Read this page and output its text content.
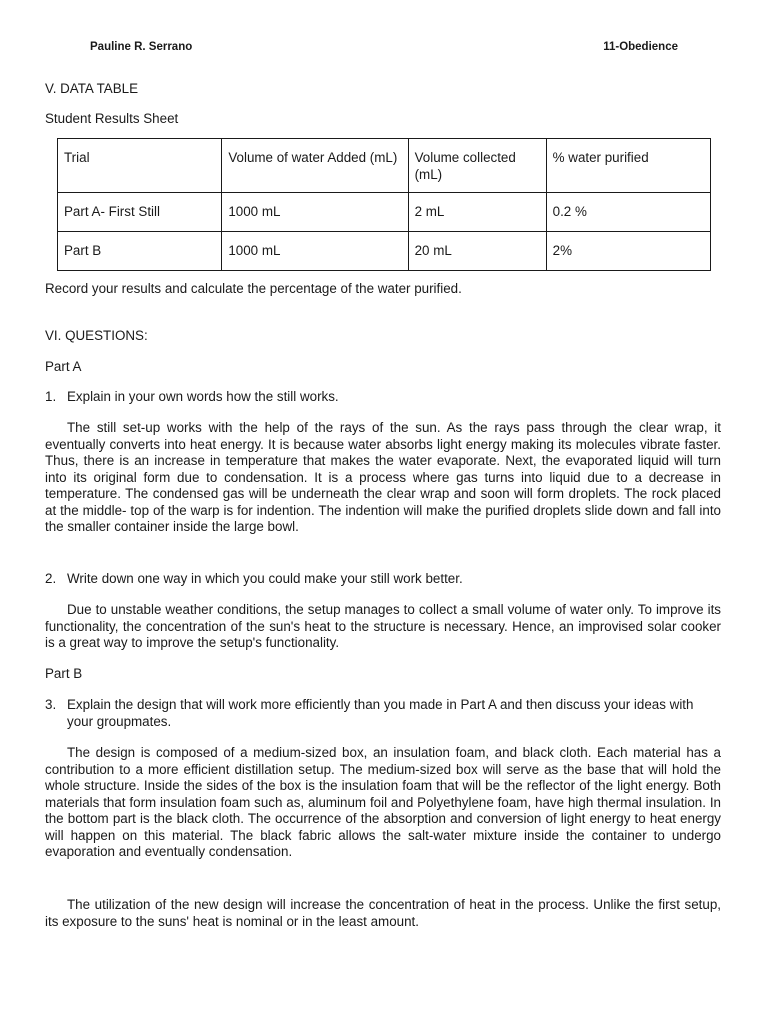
Pauline R. Serrano	11-Obedience
V. DATA TABLE
Student Results Sheet
Trial	Volume of water Added (mL)	Volume collected (mL)	% water purified
Part A- First Still	1000 mL	2 mL	0.2 %
Part B	1000 mL	20 mL	2%
Record your results and calculate the percentage of the water purified.
VI. QUESTIONS:
Part A
1. Explain in your own words how the still works.
The still set-up works with the help of the rays of the sun. As the rays pass through the clear wrap, it eventually converts into heat energy. It is because water absorbs light energy making its molecules vibrate faster. Thus, there is an increase in temperature that makes the water evaporate. Next, the evaporated liquid will turn into its original form due to condensation. It is a process where gas turns into liquid due to a decrease in temperature. The condensed gas will be underneath the clear wrap and soon will form droplets. The rock placed at the middle- top of the warp is for indention. The indention will make the purified droplets slide down and fall into the smaller container inside the large bowl.
2. Write down one way in which you could make your still work better.
Due to unstable weather conditions, the setup manages to collect a small volume of water only. To improve its functionality, the concentration of the sun's heat to the structure is necessary. Hence, an improvised solar cooker is a great way to improve the setup's functionality.
Part B
3. Explain the design that will work more efficiently than you made in Part A and then discuss your ideas with your groupmates.
The design is composed of a medium-sized box, an insulation foam, and black cloth. Each material has a contribution to a more efficient distillation setup. The medium-sized box will serve as the base that will hold the whole structure. Inside the sides of the box is the insulation foam that will be the reflector of the light energy. Both materials that form insulation foam such as, aluminum foil and Polyethylene foam, have high thermal insulation. In the bottom part is the black cloth. The occurrence of the absorption and conversion of light energy to heat energy will happen on this material. The black fabric allows the salt-water mixture inside the container to undergo evaporation and eventually condensation.
The utilization of the new design will increase the concentration of heat in the process. Unlike the first setup, its exposure to the suns' heat is nominal or in the least amount.
